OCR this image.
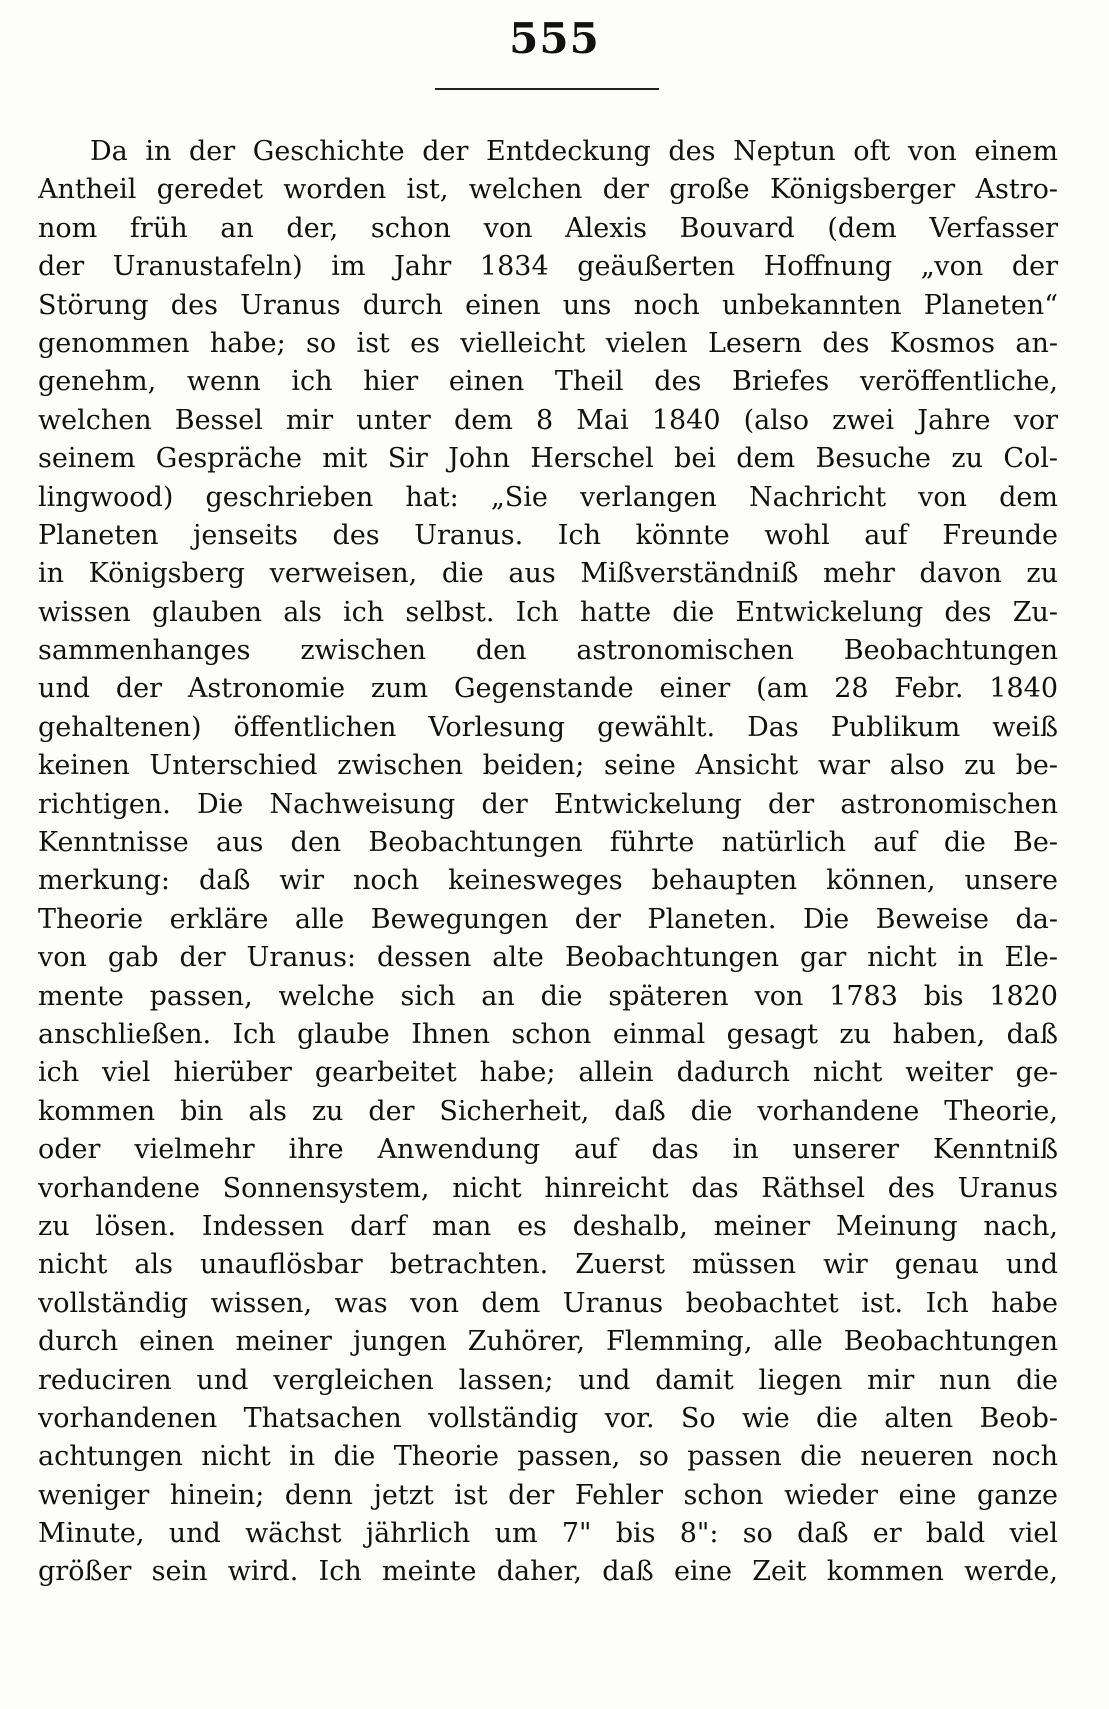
555
Da in der Geschichte der Entdeckung des Neptun oft von einem
Antheil geredet worden ist, welchen der große Königsberger Astro-
nom früh an der, schon von Alexis Bouvard (dem Verfasser
der Uranustafeln) im Jahr 1834 geäußerten Hoffnung „von der
Störung des Uranus durch einen uns noch unbekannten Planeten“
genommen habe; so ist es vielleicht vielen Lesern des Kosmos an-
genehm, wenn ich hier einen Theil des Briefes veröffentliche,
welchen Bessel mir unter dem 8 Mai 1840 (also zwei Jahre vor
seinem Gespräche mit Sir John Herschel bei dem Besuche zu Col-
lingwood) geschrieben hat: „Sie verlangen Nachricht von dem
Planeten jenseits des Uranus. Ich könnte wohl auf Freunde
in Königsberg verweisen, die aus Mißverständniß mehr davon zu
wissen glauben als ich selbst. Ich hatte die Entwickelung des Zu-
sammenhanges zwischen den astronomischen Beobachtungen
und der Astronomie zum Gegenstande einer (am 28 Febr. 1840
gehaltenen) öffentlichen Vorlesung gewählt. Das Publikum weiß
keinen Unterschied zwischen beiden; seine Ansicht war also zu be-
richtigen. Die Nachweisung der Entwickelung der astronomischen
Kenntnisse aus den Beobachtungen führte natürlich auf die Be-
merkung: daß wir noch keinesweges behaupten können, unsere
Theorie erkläre alle Bewegungen der Planeten. Die Beweise da-
von gab der Uranus: dessen alte Beobachtungen gar nicht in Ele-
mente passen, welche sich an die späteren von 1783 bis 1820
anschließen. Ich glaube Ihnen schon einmal gesagt zu haben, daß
ich viel hierüber gearbeitet habe; allein dadurch nicht weiter ge-
kommen bin als zu der Sicherheit, daß die vorhandene Theorie,
oder vielmehr ihre Anwendung auf das in unserer Kenntniß
vorhandene Sonnensystem, nicht hinreicht das Räthsel des Uranus
zu lösen. Indessen darf man es deshalb, meiner Meinung nach,
nicht als unauflösbar betrachten. Zuerst müssen wir genau und
vollständig wissen, was von dem Uranus beobachtet ist. Ich habe
durch einen meiner jungen Zuhörer, Flemming, alle Beobachtungen
reduciren und vergleichen lassen; und damit liegen mir nun die
vorhandenen Thatsachen vollständig vor. So wie die alten Beob-
achtungen nicht in die Theorie passen, so passen die neueren noch
weniger hinein; denn jetzt ist der Fehler schon wieder eine ganze
Minute, und wächst jährlich um 7" bis 8": so daß er bald viel
größer sein wird. Ich meinte daher, daß eine Zeit kommen werde,
